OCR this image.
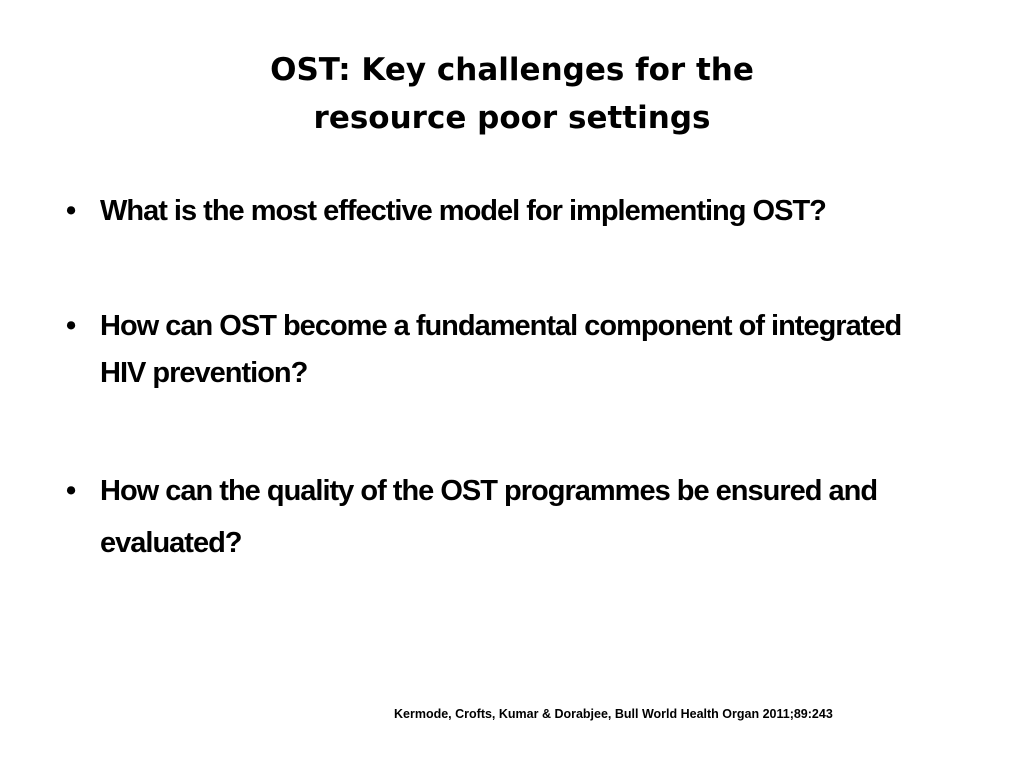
OST: Key challenges for the
resource poor settings
• What is the most effective model for implementing OST?
• How can OST become a fundamental component of integrated HIV prevention?
• How can the quality of the OST programmes be ensured and evaluated?
Kermode, Crofts, Kumar & Dorabjee, Bull World Health Organ 2011;89:243
